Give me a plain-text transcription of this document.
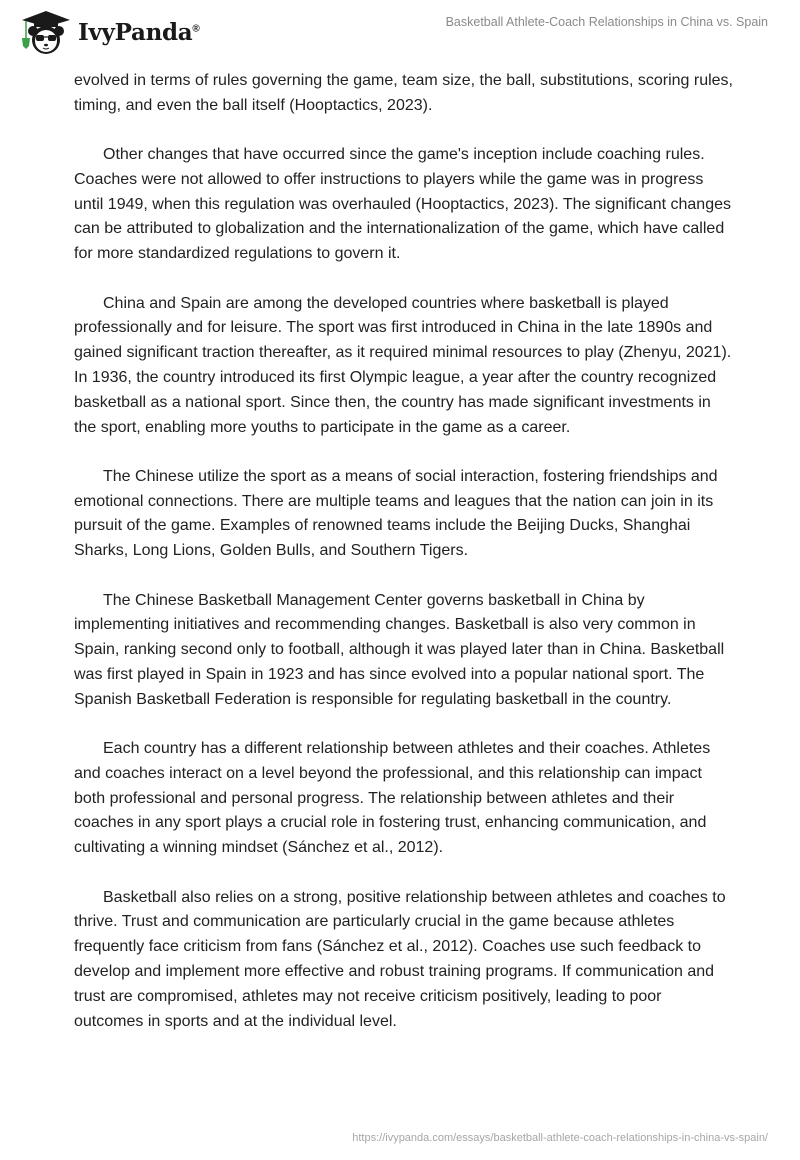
IvyPanda®	Basketball Athlete-Coach Relationships in China vs. Spain

evolved in terms of rules governing the game, team size, the ball, substitutions, scoring rules, timing, and even the ball itself (Hooptactics, 2023).

Other changes that have occurred since the game's inception include coaching rules. Coaches were not allowed to offer instructions to players while the game was in progress until 1949, when this regulation was overhauled (Hooptactics, 2023). The significant changes can be attributed to globalization and the internationalization of the game, which have called for more standardized regulations to govern it.

China and Spain are among the developed countries where basketball is played professionally and for leisure. The sport was first introduced in China in the late 1890s and gained significant traction thereafter, as it required minimal resources to play (Zhenyu, 2021). In 1936, the country introduced its first Olympic league, a year after the country recognized basketball as a national sport. Since then, the country has made significant investments in the sport, enabling more youths to participate in the game as a career.

The Chinese utilize the sport as a means of social interaction, fostering friendships and emotional connections. There are multiple teams and leagues that the nation can join in its pursuit of the game. Examples of renowned teams include the Beijing Ducks, Shanghai Sharks, Long Lions, Golden Bulls, and Southern Tigers.

The Chinese Basketball Management Center governs basketball in China by implementing initiatives and recommending changes. Basketball is also very common in Spain, ranking second only to football, although it was played later than in China. Basketball was first played in Spain in 1923 and has since evolved into a popular national sport. The Spanish Basketball Federation is responsible for regulating basketball in the country.

Each country has a different relationship between athletes and their coaches. Athletes and coaches interact on a level beyond the professional, and this relationship can impact both professional and personal progress. The relationship between athletes and their coaches in any sport plays a crucial role in fostering trust, enhancing communication, and cultivating a winning mindset (Sánchez et al., 2012).

Basketball also relies on a strong, positive relationship between athletes and coaches to thrive. Trust and communication are particularly crucial in the game because athletes frequently face criticism from fans (Sánchez et al., 2012). Coaches use such feedback to develop and implement more effective and robust training programs. If communication and trust are compromised, athletes may not receive criticism positively, leading to poor outcomes in sports and at the individual level.

https://ivypanda.com/essays/basketball-athlete-coach-relationships-in-china-vs-spain/
